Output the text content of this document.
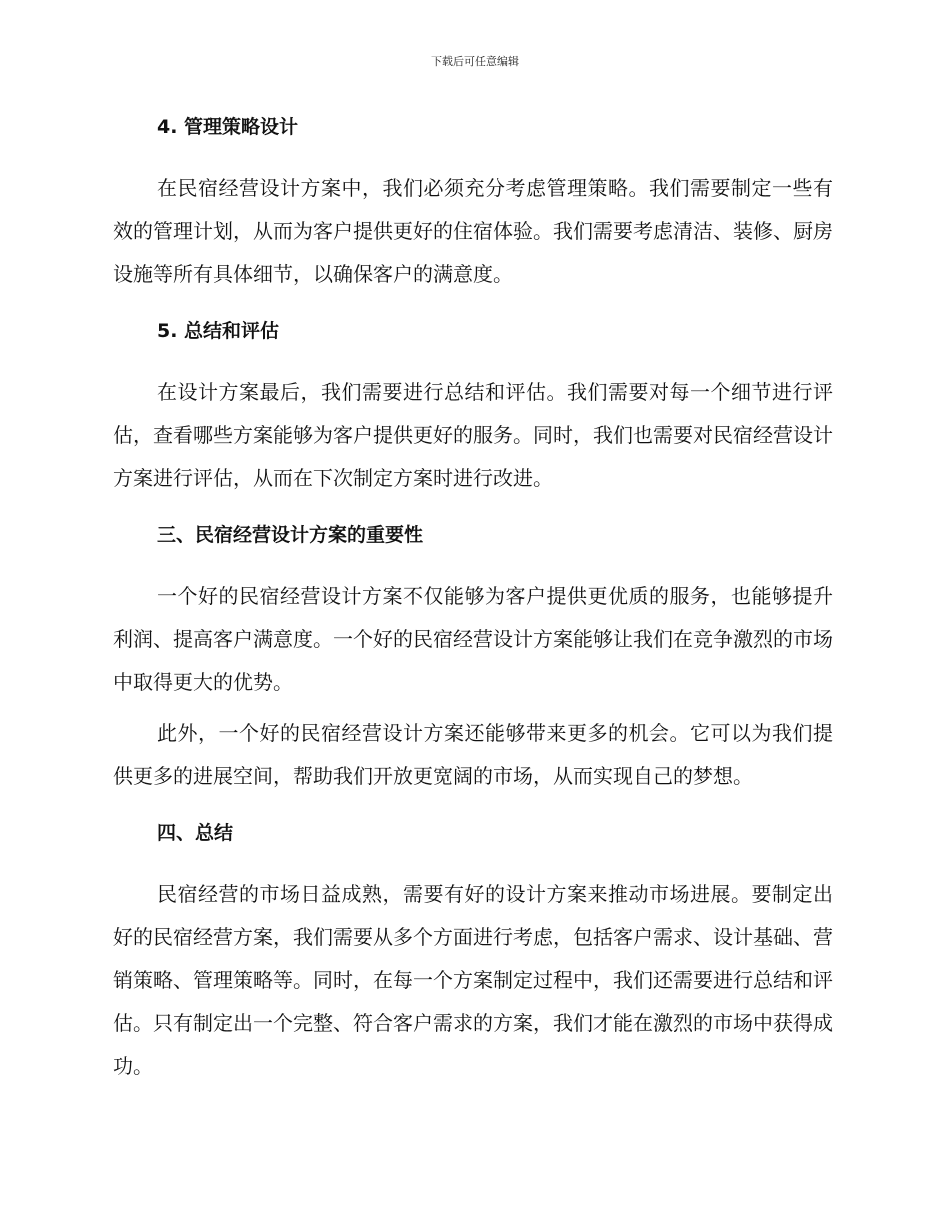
下载后可任意编辑
4. 管理策略设计

在民宿经营设计方案中，我们必须充分考虑管理策略。我们需要制定一些有效的管理计划，从而为客户提供更好的住宿体验。我们需要考虑清洁、装修、厨房设施等所有具体细节，以确保客户的满意度。

5. 总结和评估

在设计方案最后，我们需要进行总结和评估。我们需要对每一个细节进行评估，查看哪些方案能够为客户提供更好的服务。同时，我们也需要对民宿经营设计方案进行评估，从而在下次制定方案时进行改进。

三、民宿经营设计方案的重要性

一个好的民宿经营设计方案不仅能够为客户提供更优质的服务，也能够提升利润、提高客户满意度。一个好的民宿经营设计方案能够让我们在竞争激烈的市场中取得更大的优势。

此外，一个好的民宿经营设计方案还能够带来更多的机会。它可以为我们提供更多的进展空间，帮助我们开放更宽阔的市场，从而实现自己的梦想。

四、总结

民宿经营的市场日益成熟，需要有好的设计方案来推动市场进展。要制定出好的民宿经营方案，我们需要从多个方面进行考虑，包括客户需求、设计基础、营销策略、管理策略等。同时，在每一个方案制定过程中，我们还需要进行总结和评估。只有制定出一个完整、符合客户需求的方案，我们才能在激烈的市场中获得成功。
